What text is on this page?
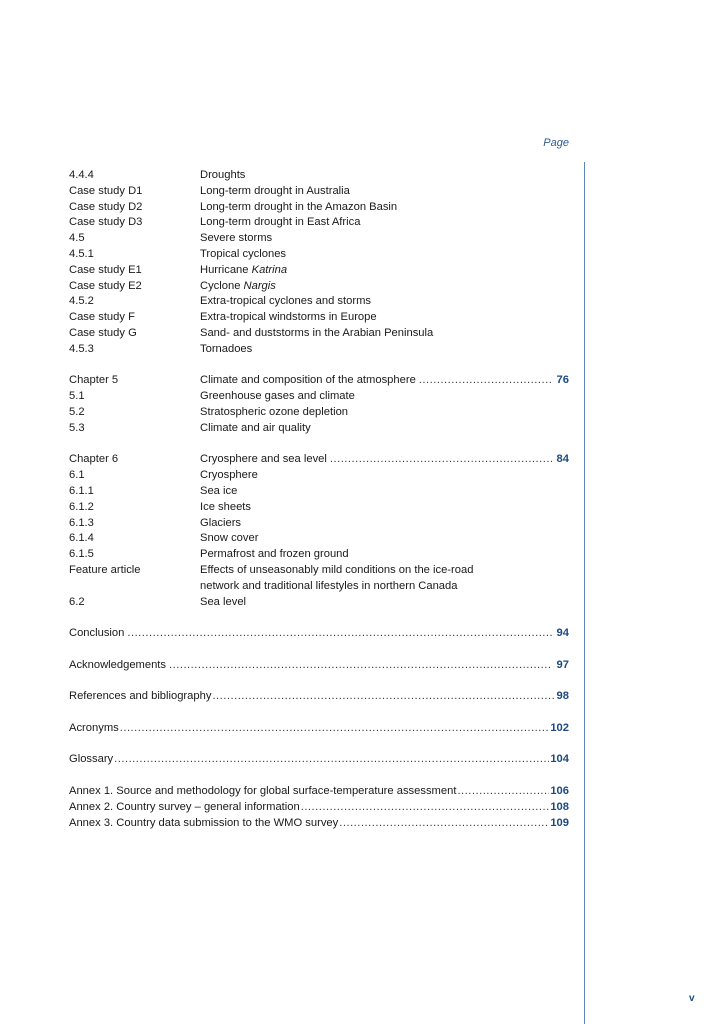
Page
4.4.4	Droughts
Case study D1	Long-term drought in Australia
Case study D2	Long-term drought in the Amazon Basin
Case study D3	Long-term drought in East Africa
4.5	Severe storms
4.5.1	Tropical cyclones
Case study E1	Hurricane Katrina
Case study E2	Cyclone Nargis
4.5.2	Extra-tropical cyclones and storms
Case study F	Extra-tropical windstorms in Europe
Case study G	Sand- and duststorms in the Arabian Peninsula
4.5.3	Tornadoes
Chapter 5	Climate and composition of the atmosphere .....	76
5.1	Greenhouse gases and climate
5.2	Stratospheric ozone depletion
5.3	Climate and air quality
Chapter 6	Cryosphere and sea level .....	84
6.1	Cryosphere
6.1.1	Sea ice
6.1.2	Ice sheets
6.1.3	Glaciers
6.1.4	Snow cover
6.1.5	Permafrost and frozen ground
Feature article	Effects of unseasonably mild conditions on the ice-road
network and traditional lifestyles in northern Canada
6.2	Sea level
Conclusion .....	94
Acknowledgements .....	97
References and bibliography .....	98
Acronyms .....	102
Glossary .....	104
Annex 1. Source and methodology for global surface-temperature assessment .....	106
Annex 2. Country survey – general information .....	108
Annex 3. Country data submission to the WMO survey .....	109
v
